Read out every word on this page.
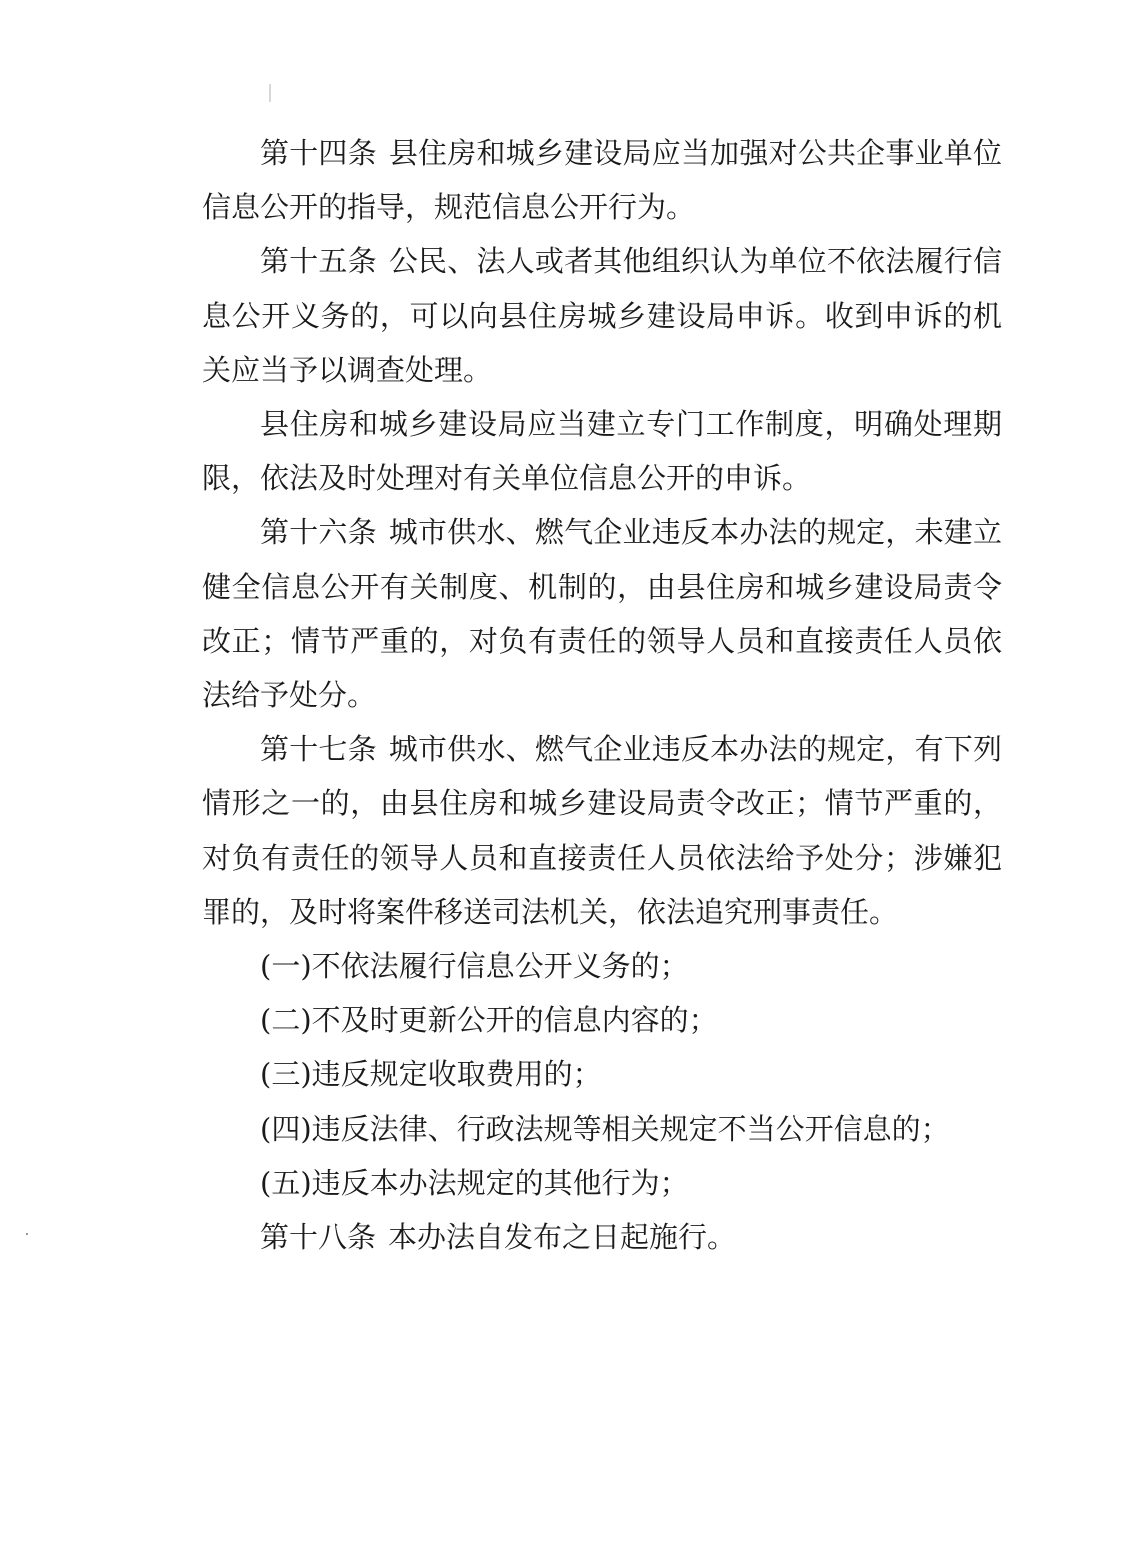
第十四条 县住房和城乡建设局应当加强对公共企事业单位信息公开的指导，规范信息公开行为。

第十五条 公民、法人或者其他组织认为单位不依法履行信息公开义务的，可以向县住房城乡建设局申诉。收到申诉的机关应当予以调查处理。

县住房和城乡建设局应当建立专门工作制度，明确处理期限，依法及时处理对有关单位信息公开的申诉。

第十六条 城市供水、燃气企业违反本办法的规定，未建立健全信息公开有关制度、机制的，由县住房和城乡建设局责令改正；情节严重的，对负有责任的领导人员和直接责任人员依法给予处分。

第十七条 城市供水、燃气企业违反本办法的规定，有下列情形之一的，由县住房和城乡建设局责令改正；情节严重的，对负有责任的领导人员和直接责任人员依法给予处分；涉嫌犯罪的，及时将案件移送司法机关，依法追究刑事责任。

(一)不依法履行信息公开义务的；

(二)不及时更新公开的信息内容的；

(三)违反规定收取费用的；

(四)违反法律、行政法规等相关规定不当公开信息的；

(五)违反本办法规定的其他行为；

第十八条 本办法自发布之日起施行。
